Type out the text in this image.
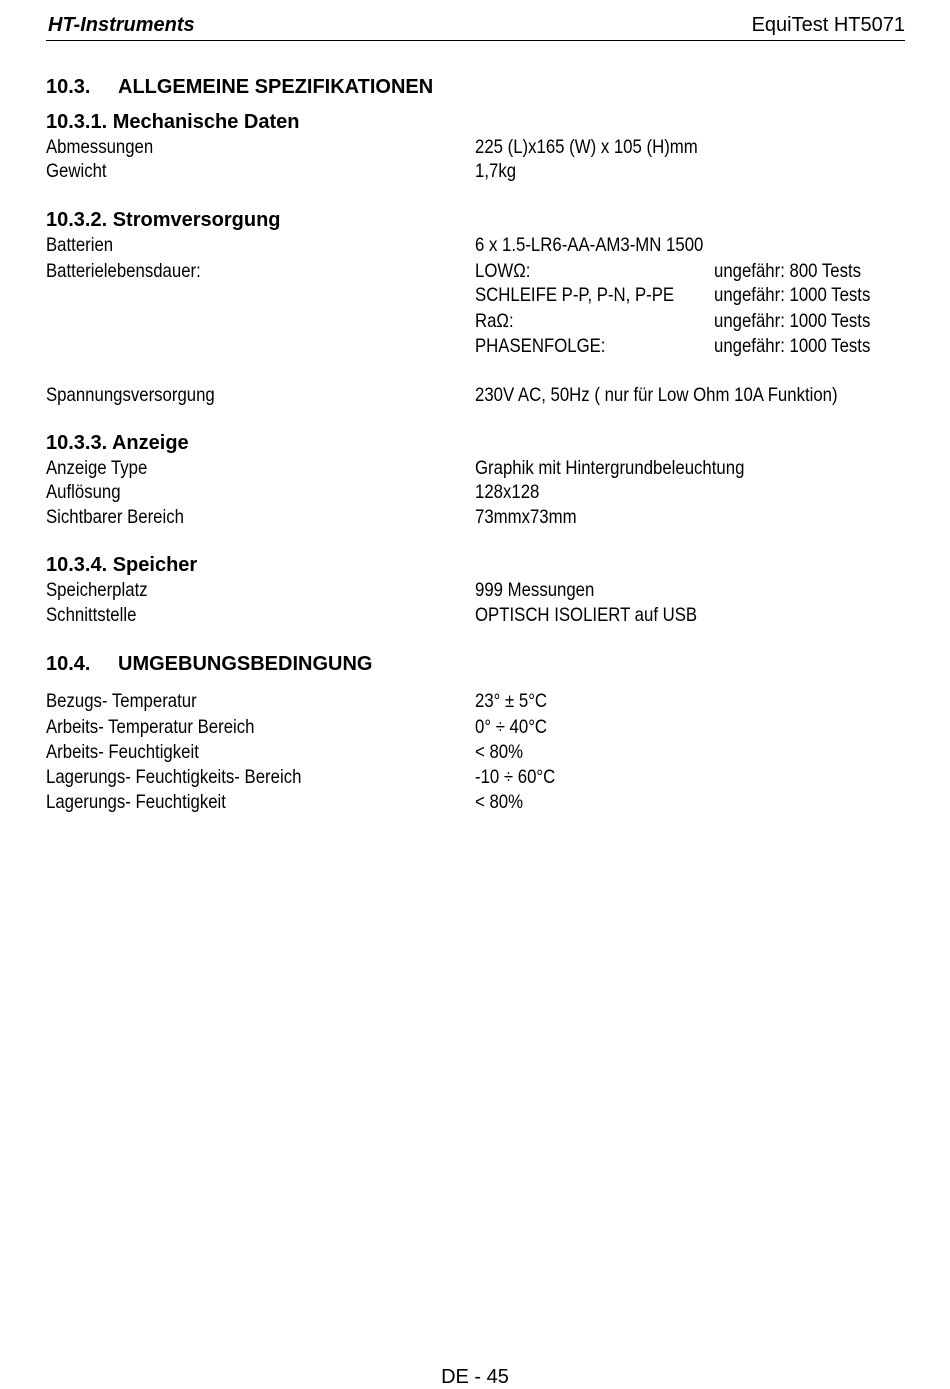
HT-Instruments	EquiTest HT5071
10.3. ALLGEMEINE SPEZIFIKATIONEN
10.3.1. Mechanische Daten
Abmessungen	225 (L)x165 (W) x 105 (H)mm
Gewicht	1,7kg
10.3.2. Stromversorgung
Batterien	6 x 1.5-LR6-AA-AM3-MN 1500
Batterielebensdauer:	LOWΩ:	ungefähr: 800 Tests
SCHLEIFE P-P, P-N, P-PE ungefähr: 1000 Tests
RaΩ:	ungefähr: 1000 Tests
PHASENFOLGE:	ungefähr: 1000 Tests
Spannungsversorgung	230V AC, 50Hz ( nur für Low Ohm 10A Funktion)
10.3.3. Anzeige
Anzeige Type	Graphik mit Hintergrundbeleuchtung
Auflösung	128x128
Sichtbarer Bereich	73mmx73mm
10.3.4. Speicher
Speicherplatz	999 Messungen
Schnittstelle	OPTISCH ISOLIERT auf USB
10.4. UMGEBUNGSBEDINGUNG
Bezugs- Temperatur	23° ± 5°C
Arbeits- Temperatur Bereich	0° ÷ 40°C
Arbeits- Feuchtigkeit	< 80%
Lagerungs- Feuchtigkeits- Bereich	-10 ÷ 60°C
Lagerungs- Feuchtigkeit	< 80%
DE - 45
